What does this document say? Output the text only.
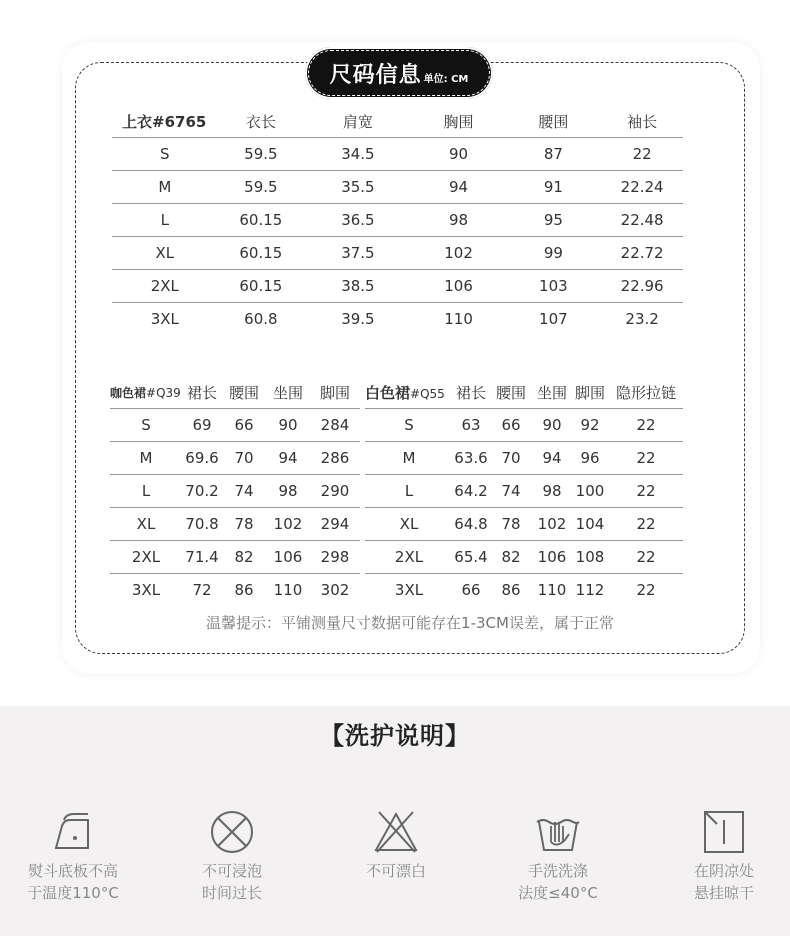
尺码信息 单位: CM
上衣#6765	衣长	肩宽	胸围	腰围	袖长
S	59.5	34.5	90	87	22
M	59.5	35.5	94	91	22.24
L	60.15	36.5	98	95	22.48
XL	60.15	37.5	102	99	22.72
2XL	60.15	38.5	106	103	22.96
3XL	60.8	39.5	110	107	23.2
咖色裙#Q39	裙长	腰围	坐围	脚围
S	69	66	90	284
M	69.6	70	94	286
L	70.2	74	98	290
XL	70.8	78	102	294
2XL	71.4	82	106	298
3XL	72	86	110	302
白色裙#Q55	裙长	腰围	坐围	脚围	隐形拉链
S	63	66	90	92	22
M	63.6	70	94	96	22
L	64.2	74	98	100	22
XL	64.8	78	102	104	22
2XL	65.4	82	106	108	22
3XL	66	86	110	112	22
温馨提示：平铺测量尺寸数据可能存在1-3CM误差，属于正常
【洗护说明】
熨斗底板不高
于温度110°C
不可浸泡
时间过长
不可漂白	手洗洗涤
法度≤40°C
在阴凉处
悬挂晾干
